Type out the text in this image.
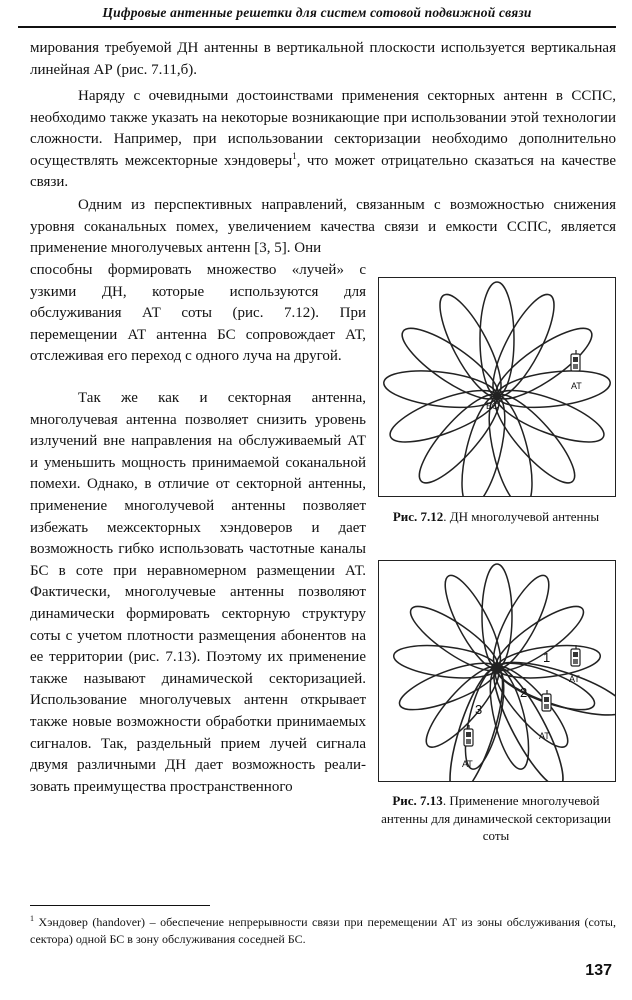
Цифровые антенные решетки для систем сотовой подвижной связи

мирования требуемой ДН антенны в вертикальной плоскости используется вертикальная линейная АР (рис. 7.11,б).

Наряду с очевидными достоинствами применения секторных антенн в ССПС, необходимо также указать на некоторые возникающие при использовании этой технологии сложности. Например, при использовании секторизации необходимо дополнительно осуществлять межсекторные хэндоверы$^1$, что может отрицательно сказаться на качестве связи.

Одним из перспективных направлений, связанным с возможностью снижения уровня соканальных помех, увеличением качества связи и емкости ССПС, является применение многолучевых антенн [3, 5]. Они

способны формировать множество «лучей» с узкими ДН, которые используются для обслуживания АТ соты (рис. 7.12). При перемещении АТ антенна БС сопровождает АТ, отслеживая его переход с одного луча на другой.

Так же как и секторная антенна, многолучевая антенна позволяет снизить уровень излучений вне направления на обслуживаемый АТ и уменьшить мощность принимаемой соканальной помехи. Однако, в отличие от секторной антенны, применение многолучевой антенны позволяет избежать межсекторных хэндоверов и дает возможность гибко использовать частотные каналы БС в соте при неравномерном размещении АТ. Фактически, многолучевые антенны позволяют динамически формировать секторную структуру соты с учетом плотности размещения абонентов на ее территории (рис. 7.13). Поэтому их применение также называют динамической секторизацией. Использование многолучевых антенн открывает также новые возможности обработки принимаемых сигналов. Так, раздельный прием лучей сигнала двумя различными ДН дает возможность реализовать преимущества пространственного

БС
АТ
Рис. 7.12. ДН многолучевой антенны
1
2
3
АТ
АТ
АТ
Рис. 7.13. Применение многолучевой антенны для динамической секторизации соты

$^1$ Хэндовер (handover) – обеспечение непрерывности связи при перемещении АТ из зоны обслуживания (соты, сектора) одной БС в зону обслуживания соседней БС.

137
